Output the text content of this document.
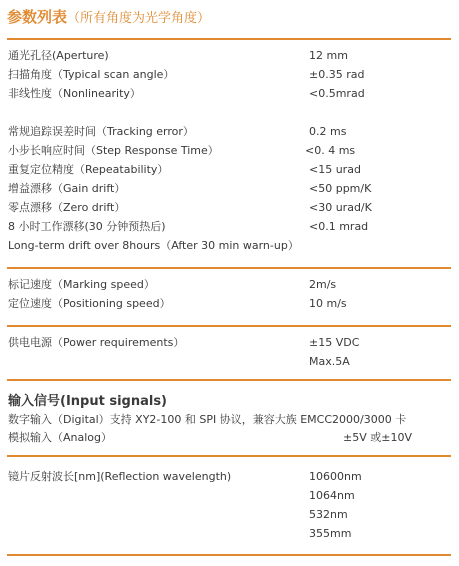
参数列表（所有角度为光学角度）
通光孔径(Aperture)	12 mm
扫描角度（Typical scan angle）	±0.35 rad
非线性度（Nonlinearity）	<0.5mrad
常规追踪误差时间（Tracking error）	0.2 ms
小步长响应时间（Step Response Time）	<0. 4 ms
重复定位精度（Repeatability）	<15 urad
增益漂移（Gain drift）	<50 ppm/K
零点漂移（Zero drift）	<30 urad/K
8 小时工作漂移(30 分钟预热后)	<0.1 mrad
Long-term drift over 8hours（After 30 min warn-up）
标记速度（Marking speed）	2m/s
定位速度（Positioning speed）	10 m/s
供电电源（Power requirements）	±15 VDC
Max.5A
输入信号(Input signals)
数字输入（Digital）支持 XY2-100 和 SPI 协议，兼容大族 EMCC2000/3000 卡
模拟输入（Analog）	±5V 或±10V
镜片反射波长[nm](Reflection wavelength)	10600nm
1064nm
532nm
355mm
